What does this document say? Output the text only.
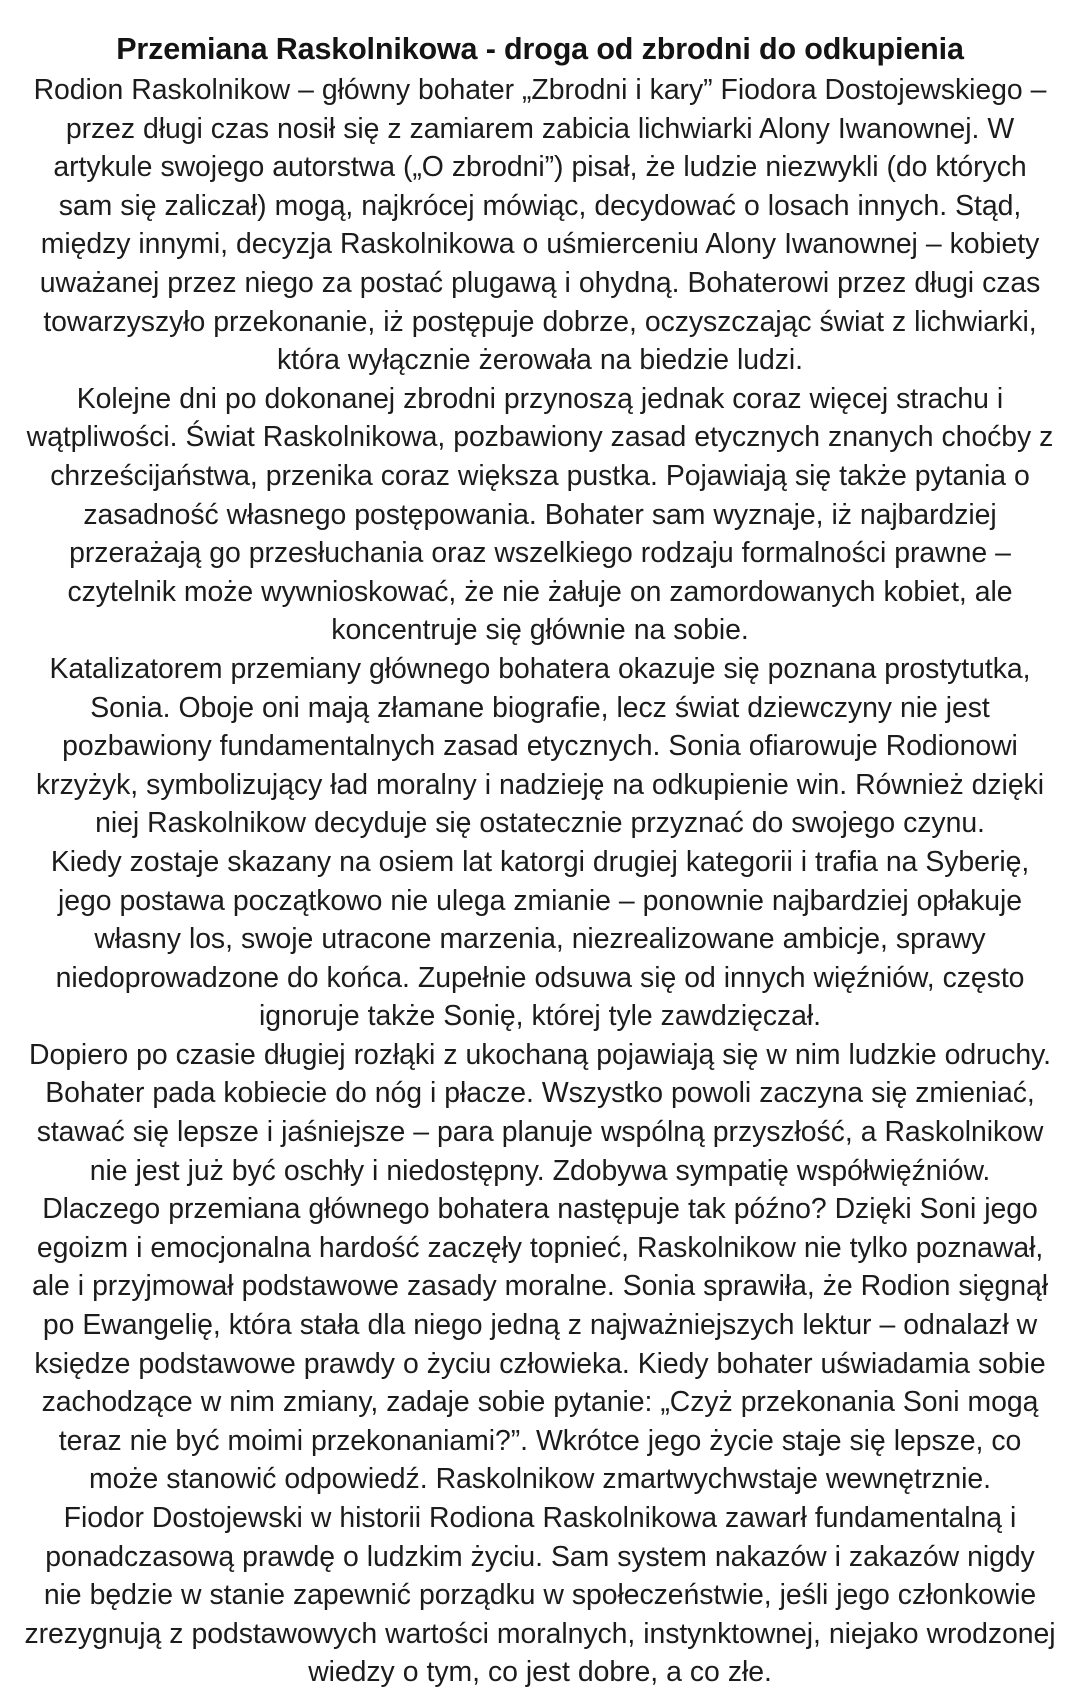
Przemiana Raskolnikowa - droga od zbrodni do odkupienia

Rodion Raskolnikow – główny bohater „Zbrodni i kary” Fiodora Dostojewskiego – przez długi czas nosił się z zamiarem zabicia lichwiarki Alony Iwanownej. W artykule swojego autorstwa („O zbrodni”) pisał, że ludzie niezwykli (do których sam się zaliczał) mogą, najkrócej mówiąc, decydować o losach innych. Stąd, między innymi, decyzja Raskolnikowa o uśmierceniu Alony Iwanownej – kobiety uważanej przez niego za postać plugawą i ohydną. Bohaterowi przez długi czas towarzyszyło przekonanie, iż postępuje dobrze, oczyszczając świat z lichwiarki, która wyłącznie żerowała na biedzie ludzi.

Kolejne dni po dokonanej zbrodni przynoszą jednak coraz więcej strachu i wątpliwości. Świat Raskolnikowa, pozbawiony zasad etycznych znanych choćby z chrześcijaństwa, przenika coraz większa pustka. Pojawiają się także pytania o zasadność własnego postępowania. Bohater sam wyznaje, iż najbardziej przerażają go przesłuchania oraz wszelkiego rodzaju formalności prawne – czytelnik może wywnioskować, że nie żałuje on zamordowanych kobiet, ale koncentruje się głównie na sobie.

Katalizatorem przemiany głównego bohatera okazuje się poznana prostytutka, Sonia. Oboje oni mają złamane biografie, lecz świat dziewczyny nie jest pozbawiony fundamentalnych zasad etycznych. Sonia ofiarowuje Rodionowi krzyżyk, symbolizujący ład moralny i nadzieję na odkupienie win. Również dzięki niej Raskolnikow decyduje się ostatecznie przyznać do swojego czynu.

Kiedy zostaje skazany na osiem lat katorgi drugiej kategorii i trafia na Syberię, jego postawa początkowo nie ulega zmianie – ponownie najbardziej opłakuje własny los, swoje utracone marzenia, niezrealizowane ambicje, sprawy niedoprowadzone do końca. Zupełnie odsuwa się od innych więźniów, często ignoruje także Sonię, której tyle zawdzięczał.

Dopiero po czasie długiej rozłąki z ukochaną pojawiają się w nim ludzkie odruchy. Bohater pada kobiecie do nóg i płacze. Wszystko powoli zaczyna się zmieniać, stawać się lepsze i jaśniejsze – para planuje wspólną przyszłość, a Raskolnikow nie jest już być oschły i niedostępny. Zdobywa sympatię współwięźniów.

Dlaczego przemiana głównego bohatera następuje tak późno? Dzięki Soni jego egoizm i emocjonalna hardość zaczęły topnieć, Raskolnikow nie tylko poznawał, ale i przyjmował podstawowe zasady moralne. Sonia sprawiła, że Rodion sięgnął po Ewangelię, która stała dla niego jedną z najważniejszych lektur – odnalazł w księdze podstawowe prawdy o życiu człowieka. Kiedy bohater uświadamia sobie zachodzące w nim zmiany, zadaje sobie pytanie: „Czyż przekonania Soni mogą teraz nie być moimi przekonaniami?”. Wkrótce jego życie staje się lepsze, co może stanowić odpowiedź. Raskolnikow zmartwychwstaje wewnętrznie.

Fiodor Dostojewski w historii Rodiona Raskolnikowa zawarł fundamentalną i ponadczasową prawdę o ludzkim życiu. Sam system nakazów i zakazów nigdy nie będzie w stanie zapewnić porządku w społeczeństwie, jeśli jego członkowie zrezygnują z podstawowych wartości moralnych, instynktownej, niejako wrodzonej wiedzy o tym, co jest dobre, a co złe.
